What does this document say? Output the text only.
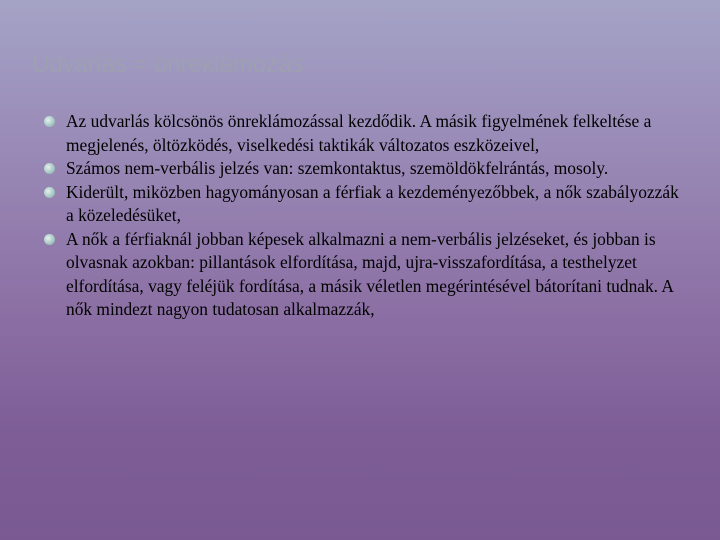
Udvarlás = önreklámozás
Az udvarlás kölcsönös önreklámozással kezdődik. A másik figyelmének felkeltése a megjelenés, öltözködés, viselkedési taktikák változatos eszközeivel,
Számos nem-verbális jelzés van: szemkontaktus, szemöldökfelrántás, mosoly.
Kiderült, miközben hagyományosan a férfiak a kezdeményezőbbek, a nők szabályozzák a közeledésüket,
A nők a férfiaknál jobban képesek alkalmazni a nem-verbális jelzéseket, és jobban is olvasnak azokban: pillantások elfordítása, majd, ujra-visszafordítása, a testhelyzet elfordítása, vagy feléjük fordítása, a másik véletlen megérintésével bátorítani tudnak. A nők mindezt nagyon tudatosan alkalmazzák,
